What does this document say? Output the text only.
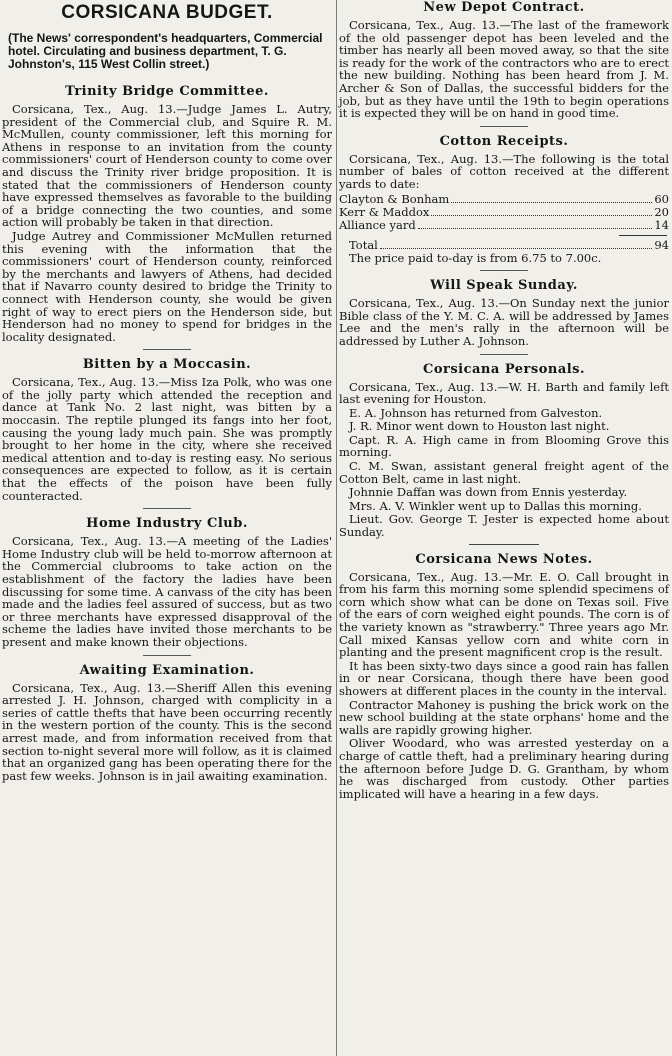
CORSICANA BUDGET.
(The News' correspondent's headquarters, Commercial hotel. Circulating and business department, T. G. Johnston's, 115 West Collin street.)
Trinity Bridge Committee.

Corsicana, Tex., Aug. 13.—Judge James L. Autry, president of the Commercial club, and Squire R. M. McMullen, county commissioner, left this morning for Athens in response to an invitation from the county commissioners' court of Henderson county to come over and discuss the Trinity river bridge proposition. It is stated that the commissioners of Henderson county have expressed themselves as favorable to the building of a bridge connecting the two counties, and some action will probably be taken in that direction.

Judge Autrey and Commissioner McMullen returned this evening with the information that the commissioners' court of Henderson county, reinforced by the merchants and lawyers of Athens, had decided that if Navarro county desired to bridge the Trinity to connect with Henderson county, she would be given right of way to erect piers on the Henderson side, but Henderson had no money to spend for bridges in the locality designated.

Bitten by a Moccasin.

Corsicana, Tex., Aug. 13.—Miss Iza Polk, who was one of the jolly party which attended the reception and dance at Tank No. 2 last night, was bitten by a moccasin. The reptile plunged its fangs into her foot, causing the young lady much pain. She was promptly brought to her home in the city, where she received medical attention and to-day is resting easy. No serious consequences are expected to follow, as it is certain that the effects of the poison have been fully counteracted.

Home Industry Club.

Corsicana, Tex., Aug. 13.—A meeting of the Ladies' Home Industry club will be held to-morrow afternoon at the Commercial clubrooms to take action on the establishment of the factory the ladies have been discussing for some time. A canvass of the city has been made and the ladies feel assured of success, but as two or three merchants have expressed disapproval of the scheme the ladies have invited those merchants to be present and make known their objections.

Awaiting Examination.

Corsicana, Tex., Aug. 13.—Sheriff Allen this evening arrested J. H. Johnson, charged with complicity in a series of cattle thefts that have been occurring recently in the western portion of the county. This is the second arrest made, and from information received from that section to-night several more will follow, as it is claimed that an organized gang has been operating there for the past few weeks. Johnson is in jail awaiting examination.

New Depot Contract.

Corsicana, Tex., Aug. 13.—The last of the framework of the old passenger depot has been leveled and the timber has nearly all been moved away, so that the site is ready for the work of the contractors who are to erect the new building. Nothing has been heard from J. M. Archer & Son of Dallas, the successful bidders for the job, but as they have until the 19th to begin operations it is expected they will be on hand in good time.

Cotton Receipts.

Corsicana, Tex., Aug. 13.—The following is the total number of bales of cotton received at the different yards to date:

Clayton & Bonham	60
Kerr & Maddox	20
Alliance yard	14
Total	94

The price paid to-day is from 6.75 to 7.00c.

Will Speak Sunday.

Corsicana, Tex., Aug. 13.—On Sunday next the junior Bible class of the Y. M. C. A. will be addressed by James Lee and the men's rally in the afternoon will be addressed by Luther A. Johnson.

Corsicana Personals.

Corsicana, Tex., Aug. 13.—W. H. Barth and family left last evening for Houston.

E. A. Johnson has returned from Galveston.

J. R. Minor went down to Houston last night.

Capt. R. A. High came in from Blooming Grove this morning.

C. M. Swan, assistant general freight agent of the Cotton Belt, came in last night.

Johnnie Daffan was down from Ennis yesterday.

Mrs. A. V. Winkler went up to Dallas this morning.

Lieut. Gov. George T. Jester is expected home about Sunday.

Corsicana News Notes.

Corsicana, Tex., Aug. 13.—Mr. E. O. Call brought in from his farm this morning some splendid specimens of corn which show what can be done on Texas soil. Five of the ears of corn weighed eight pounds. The corn is of the variety known as "strawberry." Three years ago Mr. Call mixed Kansas yellow corn and white corn in planting and the present magnificent crop is the result.

It has been sixty-two days since a good rain has fallen in or near Corsicana, though there have been good showers at different places in the county in the interval.

Contractor Mahoney is pushing the brick work on the new school building at the state orphans' home and the walls are rapidly growing higher.

Oliver Woodard, who was arrested yesterday on a charge of cattle theft, had a preliminary hearing during the afternoon before Judge D. G. Grantham, by whom he was discharged from custody. Other parties implicated will have a hearing in a few days.
